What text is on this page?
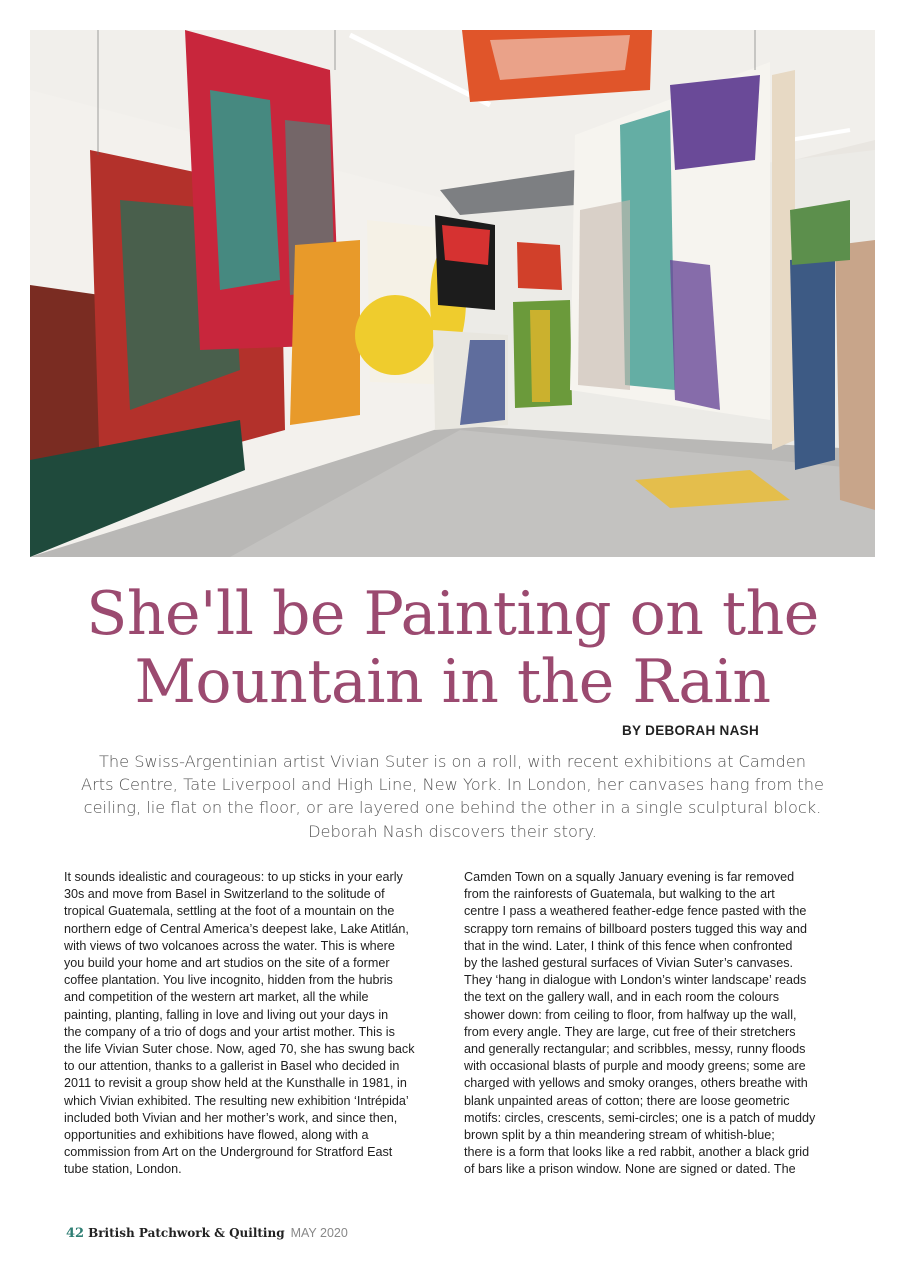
She'll be Painting on the
Mountain in the Rain
BY DEBORAH NASH
The Swiss-Argentinian artist Vivian Suter is on a roll, with recent exhibitions at Camden
Arts Centre, Tate Liverpool and High Line, New York. In London, her canvases hang from the
ceiling, lie flat on the floor, or are layered one behind the other in a single sculptural block.
Deborah Nash discovers their story.
It sounds idealistic and courageous: to up sticks in your early
30s and move from Basel in Switzerland to the solitude of
tropical Guatemala, settling at the foot of a mountain on the
northern edge of Central America’s deepest lake, Lake Atitlán,
with views of two volcanoes across the water. This is where
you build your home and art studios on the site of a former
coffee plantation. You live incognito, hidden from the hubris
and competition of the western art market, all the while
painting, planting, falling in love and living out your days in
the company of a trio of dogs and your artist mother. This is
the life Vivian Suter chose. Now, aged 70, she has swung back
to our attention, thanks to a gallerist in Basel who decided in
2011 to revisit a group show held at the Kunsthalle in 1981, in
which Vivian exhibited. The resulting new exhibition ‘Intrépida’
included both Vivian and her mother’s work, and since then,
opportunities and exhibitions have flowed, along with a
commission from Art on the Underground for Stratford East
tube station, London.
Camden Town on a squally January evening is far removed
from the rainforests of Guatemala, but walking to the art
centre I pass a weathered feather-edge fence pasted with the
scrappy torn remains of billboard posters tugged this way and
that in the wind. Later, I think of this fence when confronted
by the lashed gestural surfaces of Vivian Suter’s canvases.
They ‘hang in dialogue with London’s winter landscape’ reads
the text on the gallery wall, and in each room the colours
shower down: from ceiling to floor, from halfway up the wall,
from every angle. They are large, cut free of their stretchers
and generally rectangular; and scribbles, messy, runny floods
with occasional blasts of purple and moody greens; some are
charged with yellows and smoky oranges, others breathe with
blank unpainted areas of cotton; there are loose geometric
motifs: circles, crescents, semi-circles; one is a patch of muddy
brown split by a thin meandering stream of whitish-blue;
there is a form that looks like a red rabbit, another a black grid
of bars like a prison window. None are signed or dated. The
42 British Patchwork & Quilting MAY 2020
